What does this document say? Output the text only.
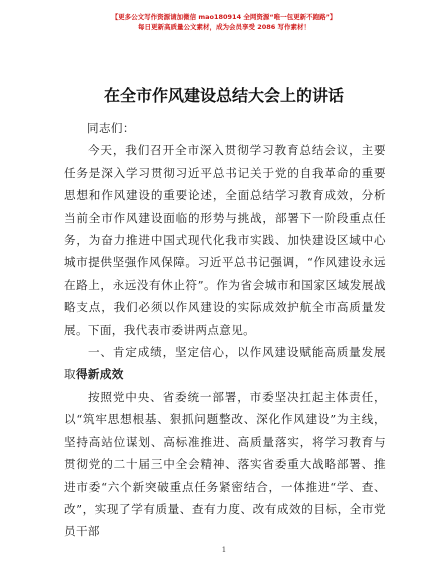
【更多公文写作资源请加微信 mao180914 全网资源“唯一包更新不跑路”】
每日更新高质量公文素材，成为会员享受 2086 写作素材！
在全市作风建设总结大会上的讲话

同志们：

今天，我们召开全市深入贯彻学习教育总结会议，主要任务是深入学习贯彻习近平总书记关于党的自我革命的重要思想和作风建设的重要论述，全面总结学习教育成效，分析当前全市作风建设面临的形势与挑战，部署下一阶段重点任务，为奋力推进中国式现代化我市实践、加快建设区域中心城市提供坚强作风保障。习近平总书记强调，“作风建设永远在路上，永远没有休止符”。作为省会城市和国家区域发展战略支点，我们必须以作风建设的实际成效护航全市高质量发展。下面，我代表市委讲两点意见。

一、肯定成绩，坚定信心，以作风建设赋能高质量发展取得新成效

按照党中央、省委统一部署，市委坚决扛起主体责任，以“筑牢思想根基、狠抓问题整改、深化作风建设”为主线，坚持高站位谋划、高标准推进、高质量落实，将学习教育与贯彻党的二十届三中全会精神、落实省委重大战略部署、推进市委“六个新突破重点任务紧密结合，一体推进“学、查、改”，实现了学有质量、查有力度、改有成效的目标，全市党员干部

1
